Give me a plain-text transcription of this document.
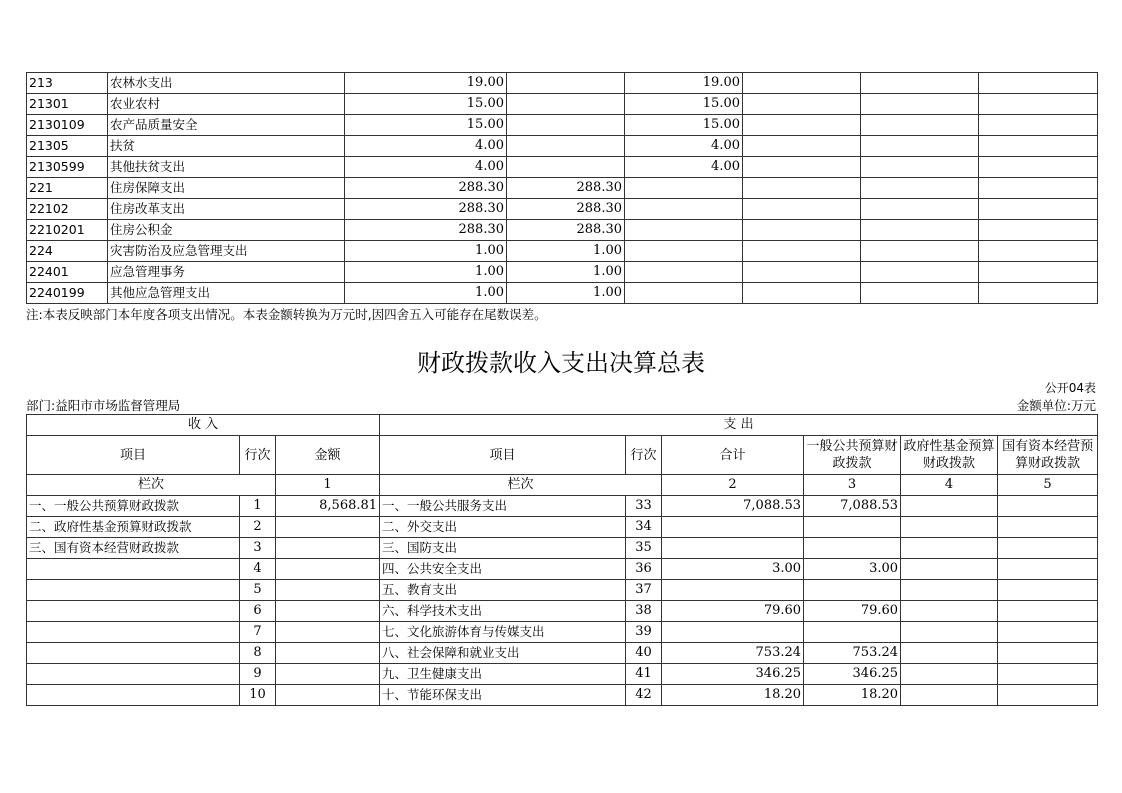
213	农林水支出	19.00		19.00			
21301	农业农村	15.00		15.00			
2130109	农产品质量安全	15.00		15.00			
21305	扶贫	4.00		4.00			
2130599	其他扶贫支出	4.00		4.00			
221	住房保障支出	288.30	288.30				
22102	住房改革支出	288.30	288.30				
2210201	住房公积金	288.30	288.30				
224	灾害防治及应急管理支出	1.00	1.00				
22401	应急管理事务	1.00	1.00				
2240199	其他应急管理支出	1.00	1.00				
注:本表反映部门本年度各项支出情况。本表金额转换为万元时,因四舍五入可能存在尾数误差。
财政拨款收入支出决算总表
公开04表
部门:益阳市市场监督管理局	金额单位:万元
收 入			支 出					
项目	行次	金额	项目	行次	合计	一般公共预算财政拨款	政府性基金预算财政拨款	国有资本经营预算财政拨款
栏次		1	栏次		2	3	4	5
一、一般公共预算财政拨款	1	8,568.81	一、一般公共服务支出	33	7,088.53	7,088.53		
二、政府性基金预算财政拨款	2		二、外交支出	34				
三、国有资本经营财政拨款	3		三、国防支出	35				
	4		四、公共安全支出	36	3.00	3.00		
	5		五、教育支出	37				
	6		六、科学技术支出	38	79.60	79.60		
	7		七、文化旅游体育与传媒支出	39				
	8		八、社会保障和就业支出	40	753.24	753.24		
	9		九、卫生健康支出	41	346.25	346.25		
	10		十、节能环保支出	42	18.20	18.20		
